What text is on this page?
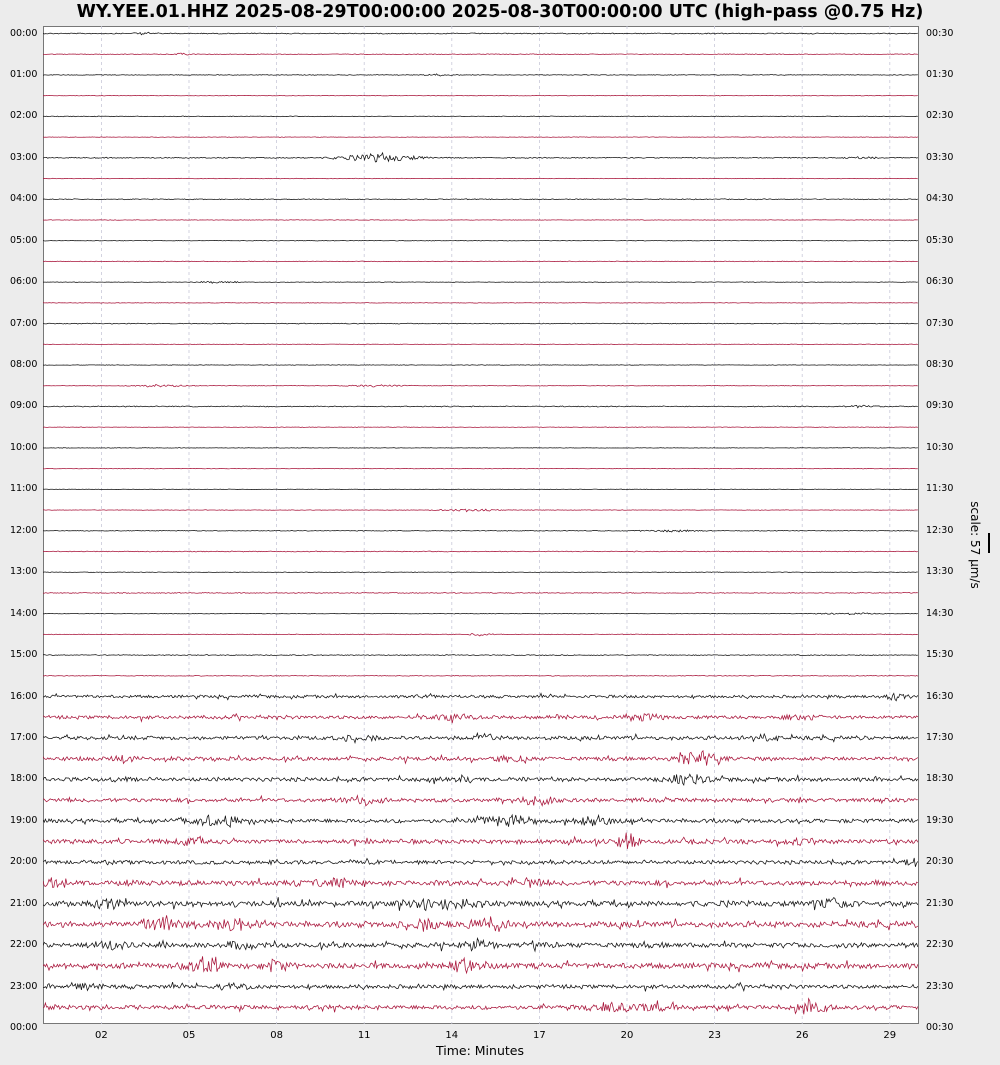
WY.YEE.01.HHZ 2025-08-29T00:00:00 2025-08-30T00:00:00 UTC (high-pass @0.75 Hz)
00:00
01:00
02:00
03:00
04:00
05:00
06:00
07:00
08:00
09:00
10:00
11:00
12:00
13:00
14:00
15:00
16:00
17:00
18:00
19:00
20:00
21:00
22:00
23:00
00:00
00:30
01:30
02:30
03:30
04:30
05:30
06:30
07:30
08:30
09:30
10:30
11:30
12:30
13:30
14:30
15:30
16:30
17:30
18:30
19:30
20:30
21:30
22:30
23:30
00:30
02	05	08	11	14	17	20	23	26	29
Time: Minutes
scale: 57 µm/s
